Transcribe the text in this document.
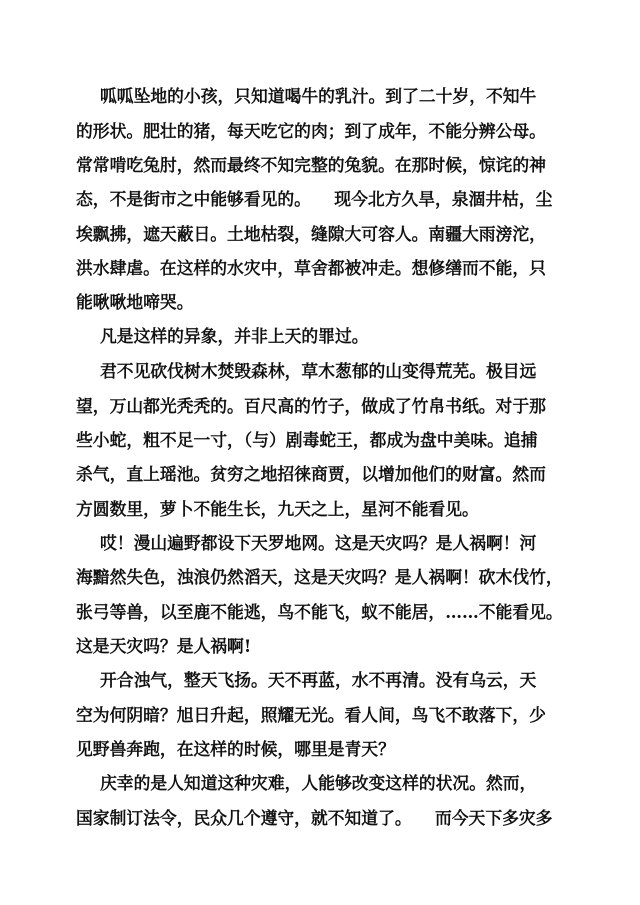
呱呱坠地的小孩，只知道喝牛的乳汁。到了二十岁，不知牛
的形状。肥壮的猪，每天吃它的肉；到了成年，不能分辨公母。
常常啃吃兔肘，然而最终不知完整的兔貌。在那时候，惊诧的神
态，不是街市之中能够看见的。    现今北方久旱，泉涸井枯，尘
埃飘拂，遮天蔽日。土地枯裂，缝隙大可容人。南疆大雨滂沱，
洪水肆虐。在这样的水灾中，草舍都被冲走。想修缮而不能，只
能啾啾地啼哭。
凡是这样的异象，并非上天的罪过。
君不见砍伐树木焚毁森林，草木葱郁的山变得荒芜。极目远
望，万山都光秃秃的。百尺高的竹子，做成了竹帛书纸。对于那
些小蛇，粗不足一寸，（与）剧毒蛇王，都成为盘中美味。追捕
杀气，直上瑶池。贫穷之地招徕商贾，以增加他们的财富。然而
方圆数里，萝卜不能生长，九天之上，星河不能看见。
哎！漫山遍野都设下天罗地网。这是天灾吗？是人祸啊！河
海黯然失色，浊浪仍然滔天，这是天灾吗？是人祸啊！砍木伐竹，
张弓等兽，以至鹿不能逃，鸟不能飞，蚁不能居，……不能看见。
这是天灾吗？是人祸啊!
开合浊气，整天飞扬。天不再蓝，水不再清。没有乌云，天
空为何阴暗？旭日升起，照耀无光。看人间，鸟飞不敢落下，少
见野兽奔跑，在这样的时候，哪里是青天？
庆幸的是人知道这种灾难，人能够改变这样的状况。然而，
国家制订法令，民众几个遵守，就不知道了。    而今天下多灾多
